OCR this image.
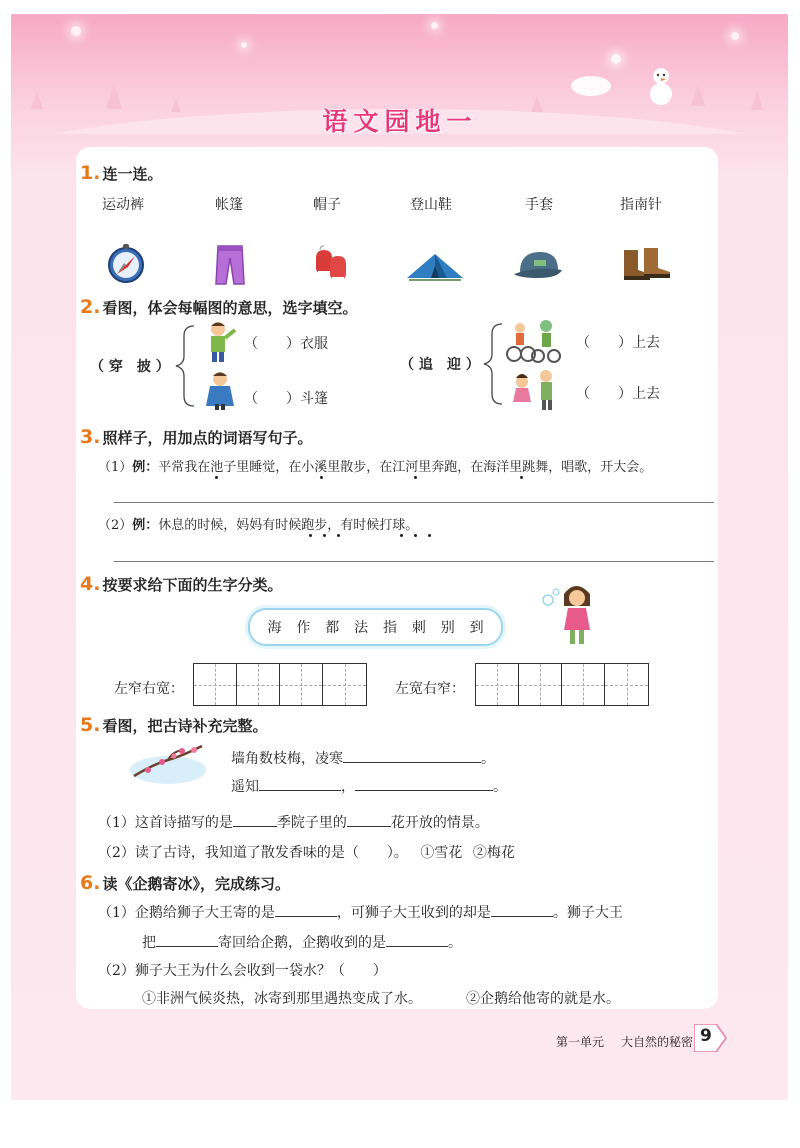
语文园地一
1. 连一连。
运动裤	帐篷	帽子	登山鞋	手套	指南针
2. 看图，体会每幅图的意思，选字填空。
（ 穿　披 ）
（　　）衣服
（　　）斗篷
（ 追　迎 ）
（　　）上去
（　　）上去
3. 照样子，用加点的词语写句子。
（1）例：平常我在池子里睡觉，在小溪里散步，在江河里奔跑，在海洋里跳舞，唱歌，开大会。
（2）例：休息的时候，妈妈有时候跑步，有时候打球。
4. 按要求给下面的生字分类。
海 作 都 法 指 刺 别 到
左窄右宽：	左宽右窄：
5. 看图，把古诗补充完整。
墙角数枝梅，凌寒	。
遥知	，	。
（1）这首诗描写的是	季院子里的	花开放的情景。
（2）读了古诗，我知道了散发香味的是（　　）。 ①雪花 ②梅花
6. 读《企鹅寄冰》，完成练习。
（1）企鹅给狮子大王寄的是	，可狮子大王收到的却是	。狮子大王
把	寄回给企鹅，企鹅收到的是	。
（2）狮子大王为什么会收到一袋水？（　　）
①非洲气候炎热，冰寄到那里遇热变成了水。	②企鹅给他寄的就是水。
第一单元 大自然的秘密 9
